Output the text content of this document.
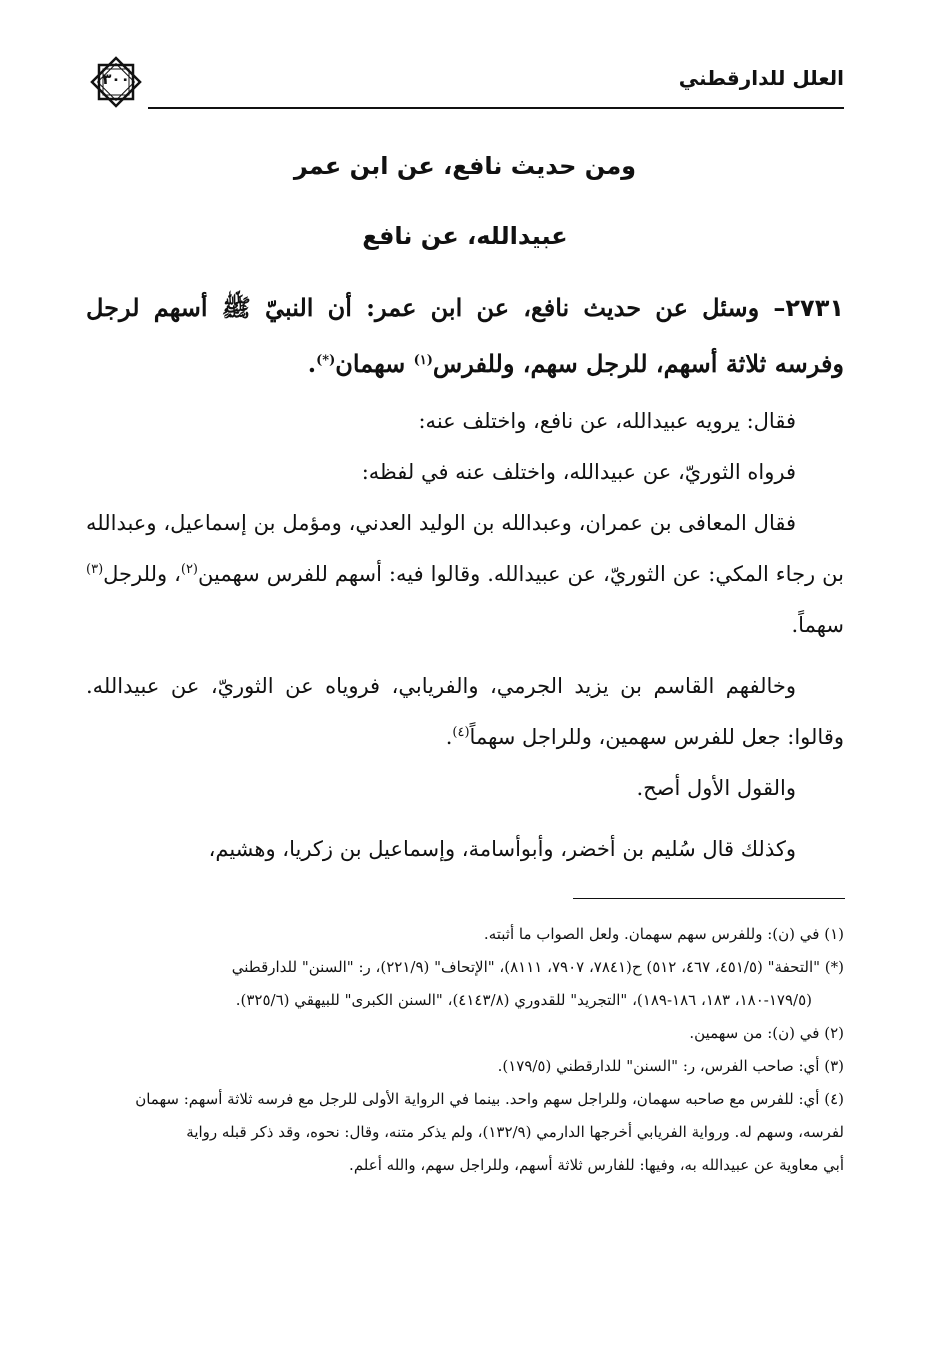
٣٠٠	العلل للدارقطني
ومن حديث نافع، عن ابن عمر
عبيدالله، عن نافع
٢٧٣١– وسئل عن حديث نافع، عن ابن عمر: أن النبيّ ﷺ أسهم لرجل وفرسه ثلاثة أسهم، للرجل سهم، وللفرس$^{(١)}$ سهمان(*).

فقال: يرويه عبيدالله، عن نافع، واختلف عنه:

فرواه الثوريّ، عن عبيدالله، واختلف عنه في لفظه:

فقال المعافى بن عمران، وعبدالله بن الوليد العدني، ومؤمل بن إسماعيل، وعبدالله بن رجاء المكي: عن الثوريّ، عن عبيدالله. وقالوا فيه: أسهم للفرس سهمين$^{(٢)}$، وللرجل$^{(٣)}$ سهماً.

وخالفهم القاسم بن يزيد الجرمي، والفريابي، فروياه عن الثوريّ، عن عبيدالله. وقالوا: جعل للفرس سهمين، وللراجل سهماً$^{(٤)}$.

والقول الأول أصح.

وكذلك قال سُليم بن أخضر، وأبوأسامة، وإسماعيل بن زكريا، وهشيم،

(١) في (ن): وللفرس سهم سهمان. ولعل الصواب ما أثبته.

(*) "التحفة" (٤٥١/٥، ٤٦٧، ٥١٢) ح(٧٨٤١، ٧٩٠٧، ٨١١١)، "الإتحاف" (٢٢١/٩)، ر: "السنن" للدارقطني

(١٧٩/٥-١٨٠، ١٨٣، ١٨٦-١٨٩)، "التجريد" للقدوري (٤١٤٣/٨)، "السنن الكبرى" للبيهقي (٣٢٥/٦).

(٢) في (ن): من سهمين.

(٣) أي: صاحب الفرس، ر: "السنن" للدارقطني (١٧٩/٥).

(٤) أي: للفرس مع صاحبه سهمان، وللراجل سهم واحد. بينما في الرواية الأولى للرجل مع فرسه ثلاثة أسهم: سهمان

لفرسه، وسهم له. ورواية الفريابي أخرجها الدارمي (١٣٢/٩)، ولم يذكر متنه، وقال: نحوه، وقد ذكر قبله رواية

أبي معاوية عن عبيدالله به، وفيها: للفارس ثلاثة أسهم، وللراجل سهم، والله أعلم.
